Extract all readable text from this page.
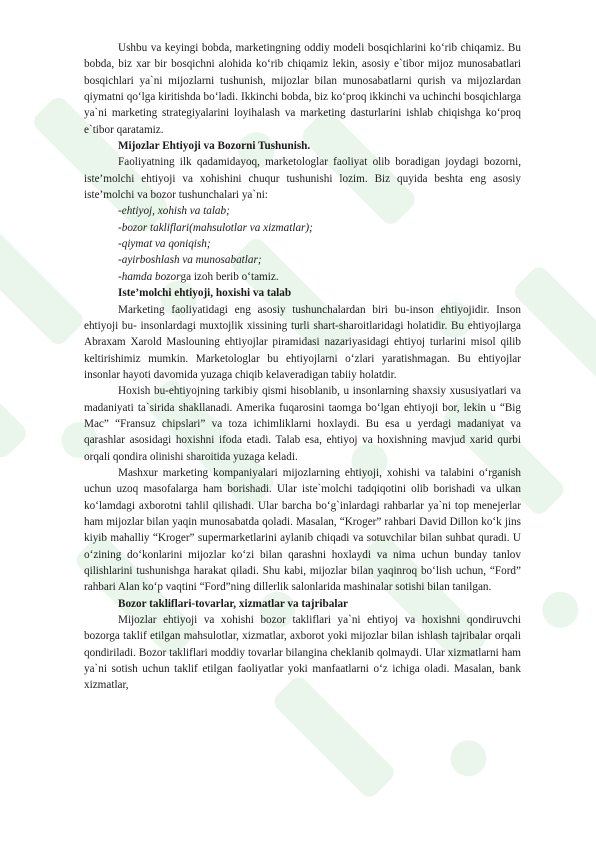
Ushbu va keyingi bobda, marketingning oddiy modeli bosqichlarini ko‘rib chiqamiz. Bu bobda, biz xar bir bosqichni alohida ko‘rib chiqamiz lekin, asosiy e`tibor mijoz munosabatlari bosqichlari ya`ni mijozlarni tushunish, mijozlar bilan munosabatlarni qurish va mijozlardan qiymatni qo‘lga kiritishda bo‘ladi. Ikkinchi bobda, biz ko‘proq ikkinchi va uchinchi bosqichlarga ya`ni marketing strategiyalarini loyihalash va marketing dasturlarini ishlab chiqishga ko‘proq e`tibor qaratamiz.

Mijozlar Ehtiyoji va Bozorni Tushunish.

Faoliyatning ilk qadamidayoq, marketologlar faoliyat olib boradigan joydagi bozorni, iste’molchi ehtiyoji va xohishini chuqur tushunishi lozim. Biz quyida beshta eng asosiy iste’molchi va bozor tushunchalari ya`ni:

-ehtiyoj, xohish va talab;
-bozor takliflari(mahsulotlar va xizmatlar);
-qiymat va qoniqish;
-ayirboshlash va munosabatlar;
-hamda bozorga izoh berib o‘tamiz.
Iste’molchi ehtiyoji, hoxishi va talab

Marketing faoliyatidagi eng asosiy tushunchalardan biri bu-inson ehtiyojidir. Inson ehtiyoji bu- insonlardagi muxtojlik xissining turli shart-sharoitlaridagi holatidir. Bu ehtiyojlarga Abraxam Xarold Maslouning ehtiyojlar piramidasi nazariyasidagi ehtiyoj turlarini misol qilib keltirishimiz mumkin. Marketologlar bu ehtiyojlarni o‘zlari yaratishmagan. Bu ehtiyojlar insonlar hayoti davomida yuzaga chiqib kelaveradigan tabiiy holatdir.

Hoxish bu-ehtiyojning tarkibiy qismi hisoblanib, u insonlarning shaxsiy xususiyatlari va madaniyati ta`sirida shakllanadi. Amerika fuqarosini taomga bo‘lgan ehtiyoji bor, lekin u “Big Mac” “Fransuz chipslari” va toza ichimliklarni hoxlaydi. Bu esa u yerdagi madaniyat va qarashlar asosidagi hoxishni ifoda etadi. Talab esa, ehtiyoj va hoxishning mavjud xarid qurbi orqali qondira olinishi sharoitida yuzaga keladi.

Mashxur marketing kompaniyalari mijozlarning ehtiyoji, xohishi va talabini o‘rganish uchun uzoq masofalarga ham borishadi. Ular iste`molchi tadqiqotini olib borishadi va ulkan ko‘lamdagi axborotni tahlil qilishadi. Ular barcha bo‘g`inlardagi rahbarlar ya`ni top menejerlar ham mijozlar bilan yaqin munosabatda qoladi. Masalan, “Kroger” rahbari David Dillon ko‘k jins kiyib mahalliy “Kroger” supermarketlarini aylanib chiqadi va sotuvchilar bilan suhbat quradi. U o‘zining do‘konlarini mijozlar ko‘zi bilan qarashni hoxlaydi va nima uchun bunday tanlov qilishlarini tushunishga harakat qiladi. Shu kabi, mijozlar bilan yaqinroq bo‘lish uchun, “Ford” rahbari Alan ko‘p vaqtini “Ford”ning dillerlik salonlarida mashinalar sotishi bilan tanilgan.

Bozor takliflari-tovarlar, xizmatlar va tajribalar

Mijozlar ehtiyoji va xohishi bozor takliflari ya`ni ehtiyoj va hoxishni qondiruvchi bozorga taklif etilgan mahsulotlar, xizmatlar, axborot yoki mijozlar bilan ishlash tajribalar orqali qondiriladi. Bozor takliflari moddiy tovarlar bilangina cheklanib qolmaydi. Ular xizmatlarni ham ya`ni sotish uchun taklif etilgan faoliyatlar yoki manfaatlarni o‘z ichiga oladi. Masalan, bank xizmatlar,
